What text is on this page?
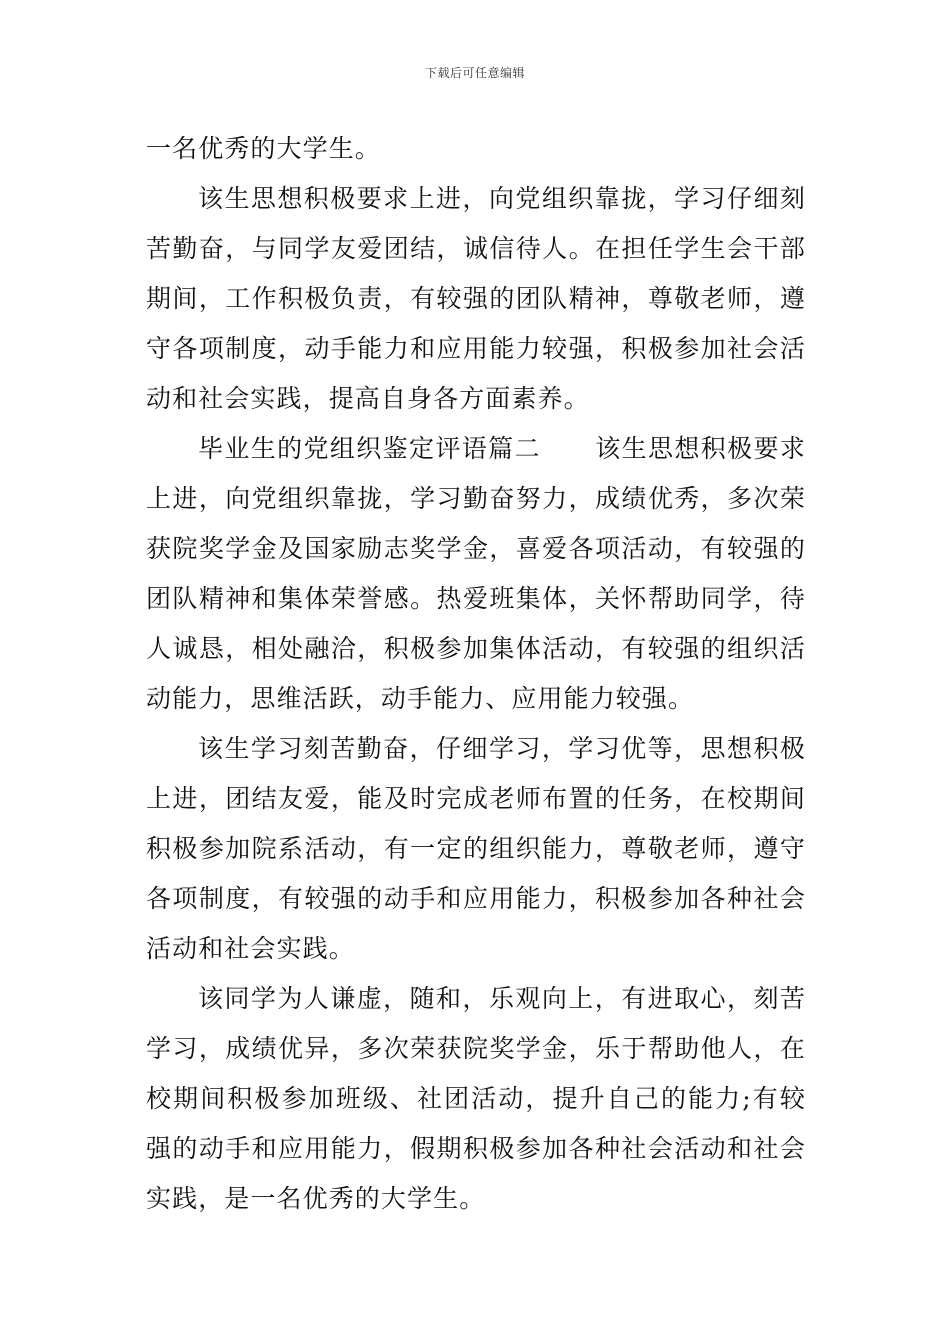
下载后可任意编辑

一名优秀的大学生。

该生思想积极要求上进，向党组织靠拢，学习仔细刻苦勤奋，与同学友爱团结，诚信待人。在担任学生会干部期间，工作积极负责，有较强的团队精神，尊敬老师，遵守各项制度，动手能力和应用能力较强，积极参加社会活动和社会实践，提高自身各方面素养。

毕业生的党组织鉴定评语篇二 该生思想积极要求上进，向党组织靠拢，学习勤奋努力，成绩优秀，多次荣获院奖学金及国家励志奖学金，喜爱各项活动，有较强的团队精神和集体荣誉感。热爱班集体，关怀帮助同学，待人诚恳，相处融洽，积极参加集体活动，有较强的组织活动能力，思维活跃，动手能力、应用能力较强。

该生学习刻苦勤奋，仔细学习，学习优等，思想积极上进，团结友爱，能及时完成老师布置的任务，在校期间积极参加院系活动，有一定的组织能力，尊敬老师，遵守各项制度，有较强的动手和应用能力，积极参加各种社会活动和社会实践。

该同学为人谦虚，随和，乐观向上，有进取心，刻苦学习，成绩优异，多次荣获院奖学金，乐于帮助他人，在校期间积极参加班级、社团活动，提升自己的能力;有较强的动手和应用能力，假期积极参加各种社会活动和社会实践，是一名优秀的大学生。
